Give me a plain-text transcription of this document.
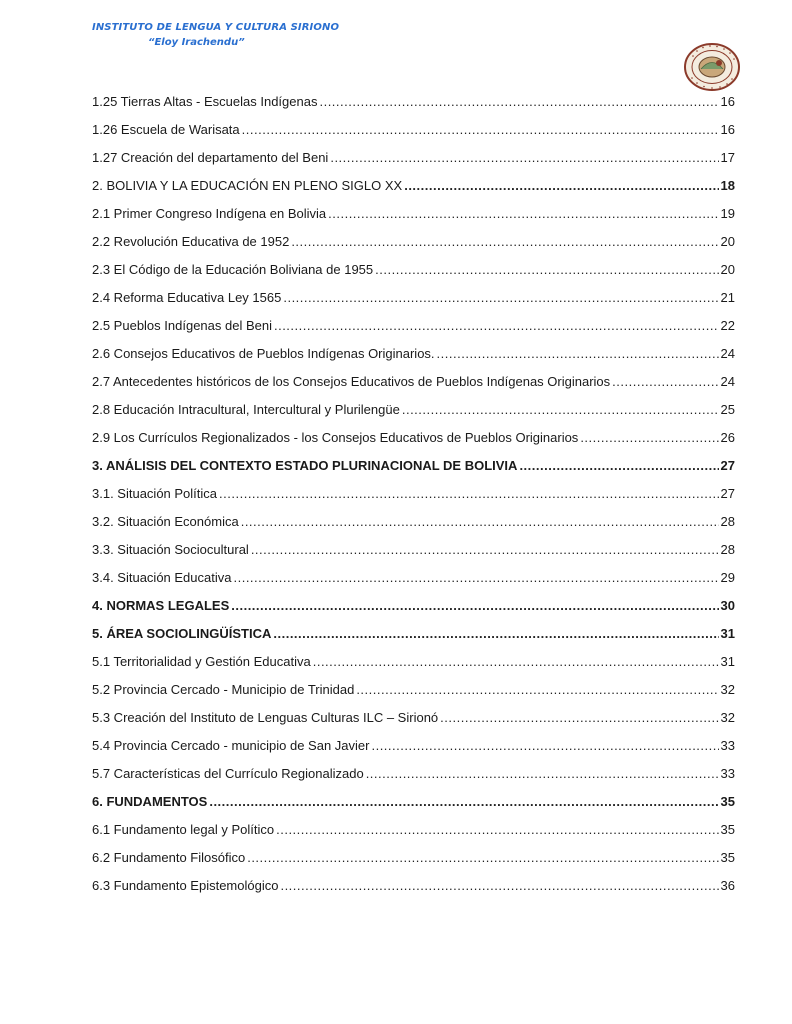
INSTITUTO DE LENGUA Y CULTURA SIRIONO
“Eloy Irachendu”
1.25 Tierras Altas - Escuelas Indígenas .....	16
1.26 Escuela de Warisata .....	16
1.27 Creación del departamento del Beni .....	17
2. BOLIVIA Y LA EDUCACIÓN EN PLENO SIGLO XX .....	18
2.1 Primer Congreso Indígena en Bolivia .....	19
2.2 Revolución Educativa de 1952 .....	20
2.3 El Código de la Educación Boliviana de 1955 .....	20
2.4 Reforma Educativa Ley 1565 .....	21
2.5 Pueblos Indígenas del Beni .....	22
2.6 Consejos Educativos de Pueblos Indígenas Originarios. .....	24
2.7 Antecedentes históricos de los Consejos Educativos de Pueblos Indígenas Originarios .....	24
2.8 Educación Intracultural, Intercultural y Plurilengüe .....	25
2.9 Los Currículos Regionalizados - los Consejos Educativos de Pueblos Originarios .....	26
3. ANÁLISIS DEL CONTEXTO ESTADO PLURINACIONAL DE BOLIVIA .....	27
3.1. Situación Política .....	27
3.2. Situación Económica .....	28
3.3. Situación Sociocultural .....	28
3.4. Situación Educativa .....	29
4. NORMAS LEGALES .....	30
5. ÁREA SOCIOLINGÜÍSTICA .....	31
5.1 Territorialidad y Gestión Educativa .....	31
5.2 Provincia Cercado - Municipio de Trinidad .....	32
5.3 Creación del Instituto de Lenguas Culturas ILC – Sirionó .....	32
5.4 Provincia Cercado - municipio de San Javier .....	33
5.7 Características del Currículo Regionalizado .....	33
6. FUNDAMENTOS .....	35
6.1 Fundamento legal y Político .....	35
6.2 Fundamento Filosófico .....	35
6.3 Fundamento Epistemológico .....	36
